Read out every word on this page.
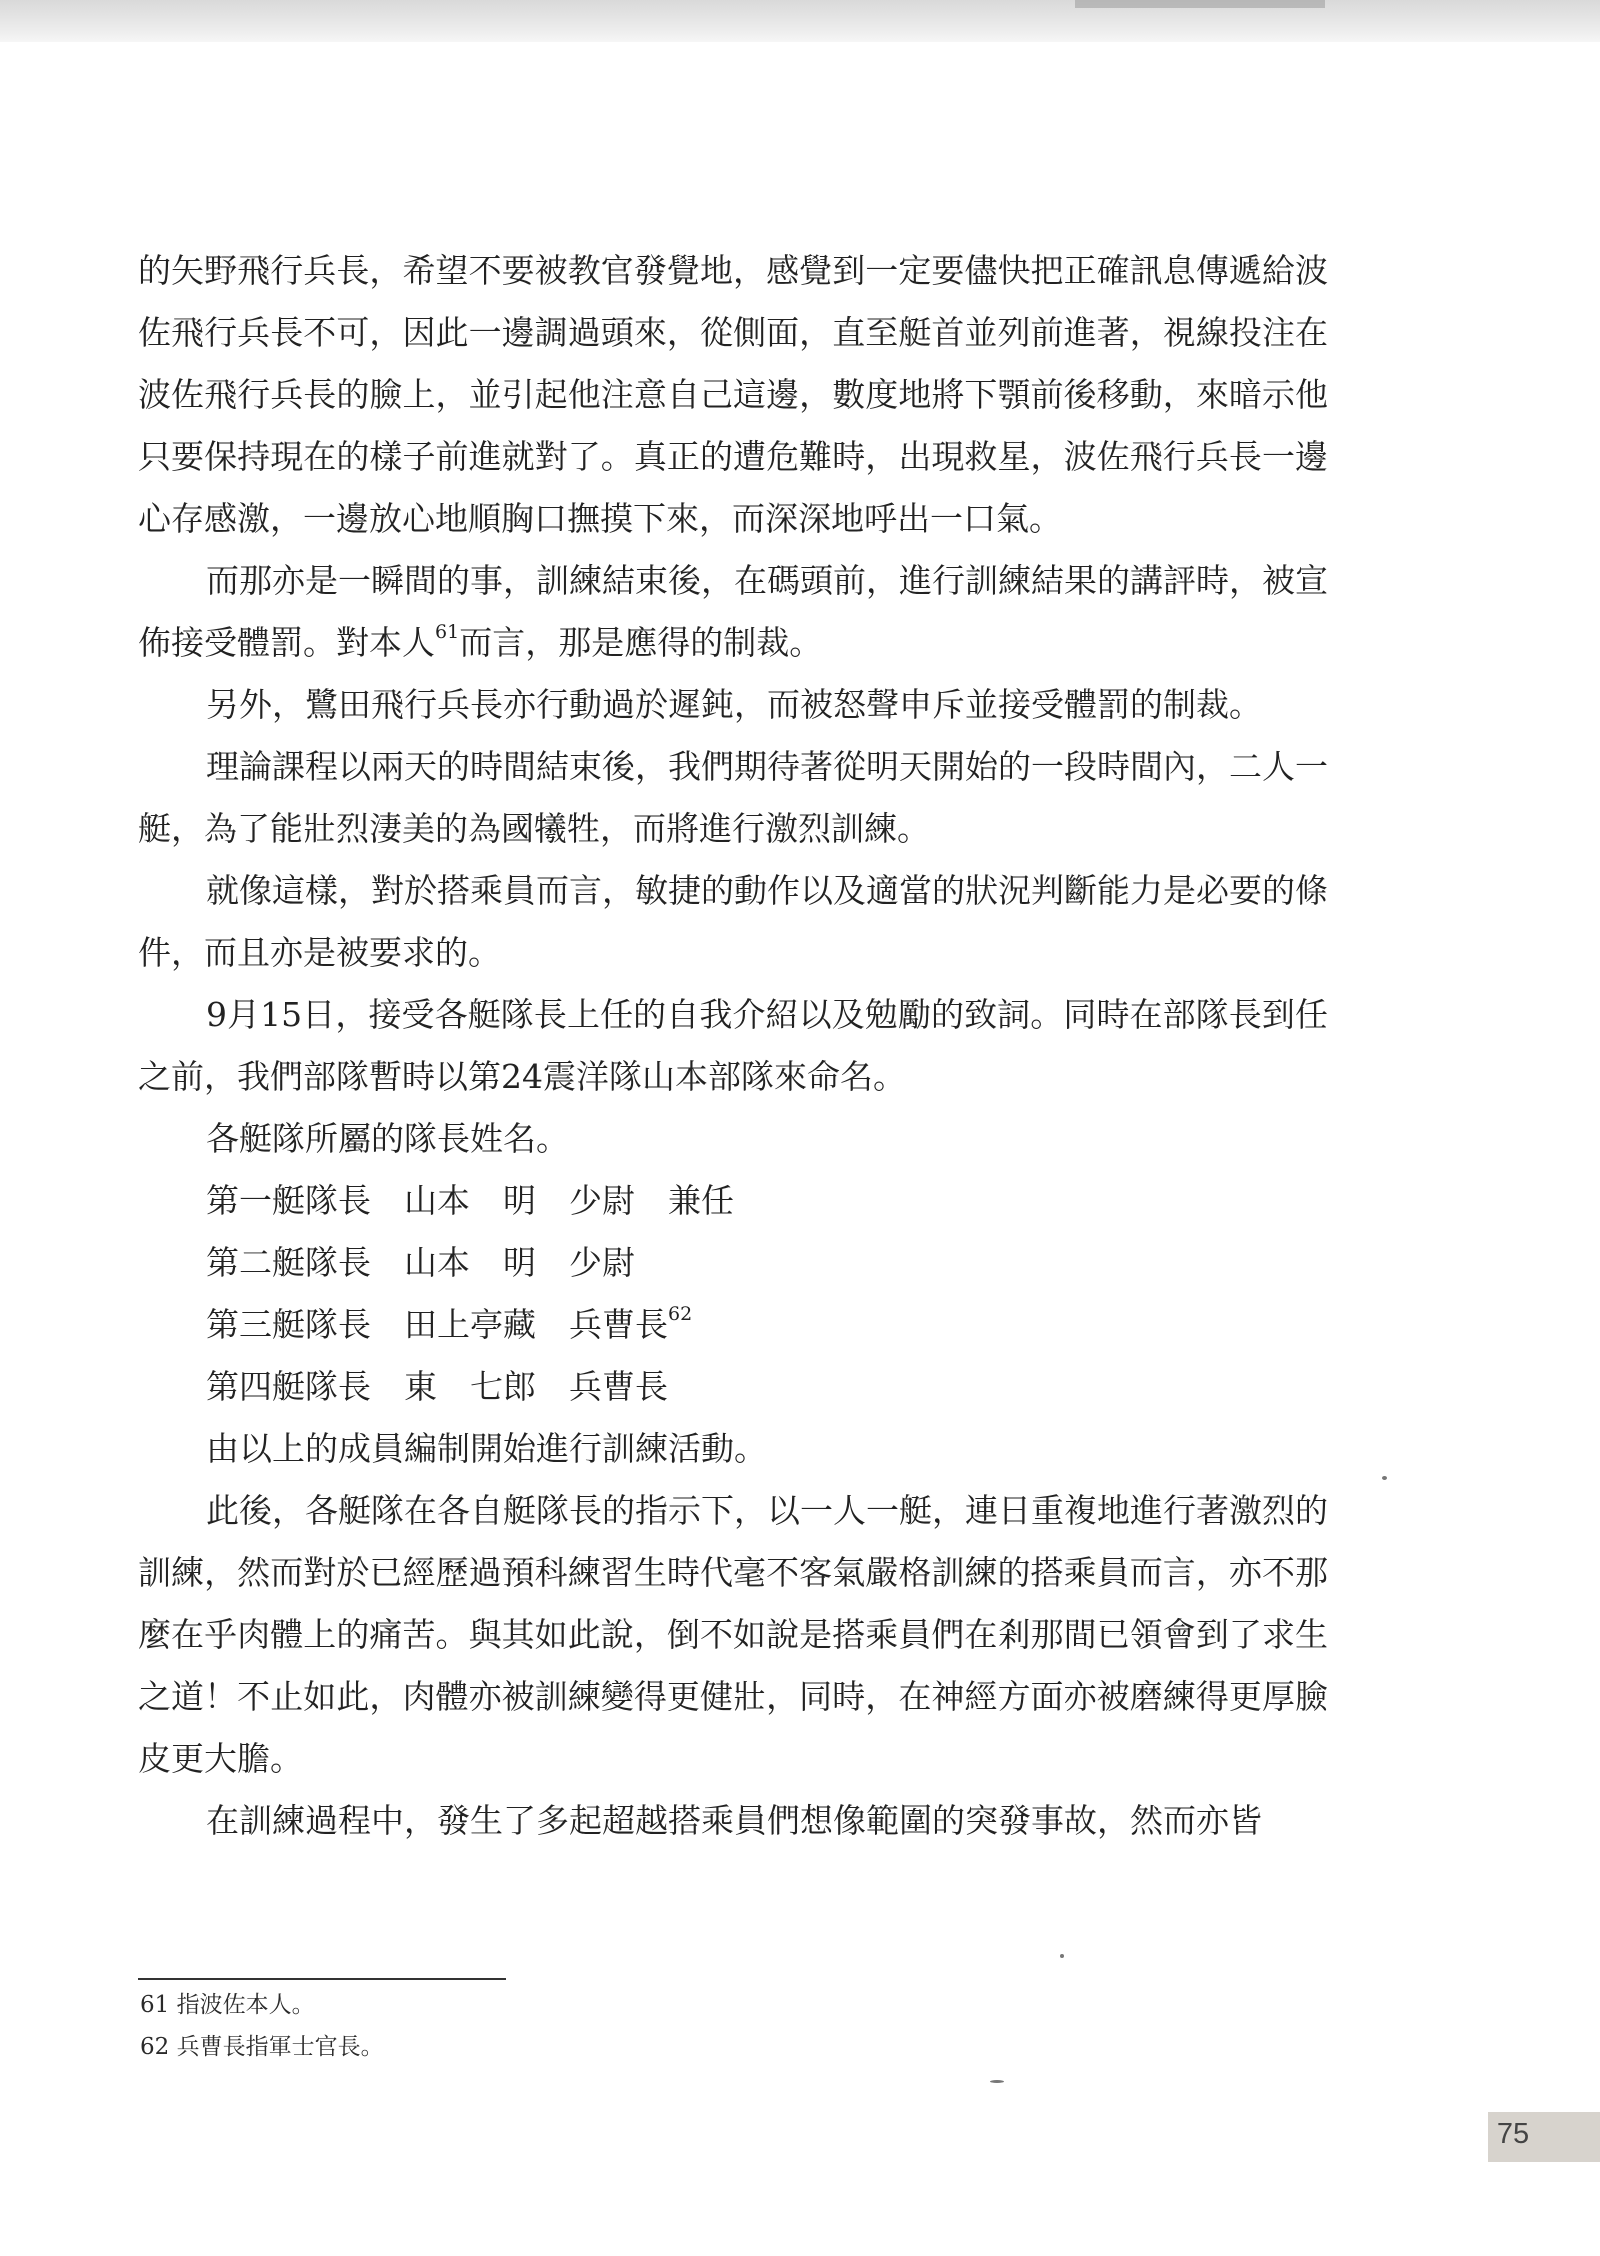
的矢野飛行兵長，希望不要被教官發覺地，感覺到一定要儘快把正確訊息傳遞給波佐飛行兵長不可，因此一邊調過頭來，從側面，直至艇首並列前進著，視線投注在波佐飛行兵長的臉上，並引起他注意自己這邊，數度地將下顎前後移動，來暗示他只要保持現在的樣子前進就對了。真正的遭危難時，出現救星，波佐飛行兵長一邊心存感激，一邊放心地順胸口撫摸下來，而深深地呼出一口氣。

而那亦是一瞬間的事，訓練結束後，在碼頭前，進行訓練結果的講評時，被宣佈接受體罰。對本人$^{61}$而言，那是應得的制裁。

另外，鷺田飛行兵長亦行動過於遲鈍，而被怒聲申斥並接受體罰的制裁。

理論課程以兩天的時間結束後，我們期待著從明天開始的一段時間內，二人一艇，為了能壯烈淒美的為國犧牲，而將進行激烈訓練。

就像這樣，對於搭乘員而言，敏捷的動作以及適當的狀況判斷能力是必要的條件，而且亦是被要求的。

9月15日，接受各艇隊長上任的自我介紹以及勉勵的致詞。同時在部隊長到任之前，我們部隊暫時以第24震洋隊山本部隊來命名。

各艇隊所屬的隊長姓名。

第一艇隊長　山本　明　少尉　兼任

第二艇隊長　山本　明　少尉

第三艇隊長　田上亭藏　兵曹長$^{62}$

第四艇隊長　東　七郎　兵曹長

由以上的成員編制開始進行訓練活動。

此後，各艇隊在各自艇隊長的指示下，以一人一艇，連日重複地進行著激烈的訓練，然而對於已經歷過預科練習生時代毫不客氣嚴格訓練的搭乘員而言，亦不那麼在乎肉體上的痛苦。與其如此說，倒不如說是搭乘員們在剎那間已領會到了求生之道！不止如此，肉體亦被訓練變得更健壯，同時，在神經方面亦被磨練得更厚臉皮更大膽。

在訓練過程中，發生了多起超越搭乘員們想像範圍的突發事故，然而亦皆

61 指波佐本人。

62 兵曹長指軍士官長。

75
